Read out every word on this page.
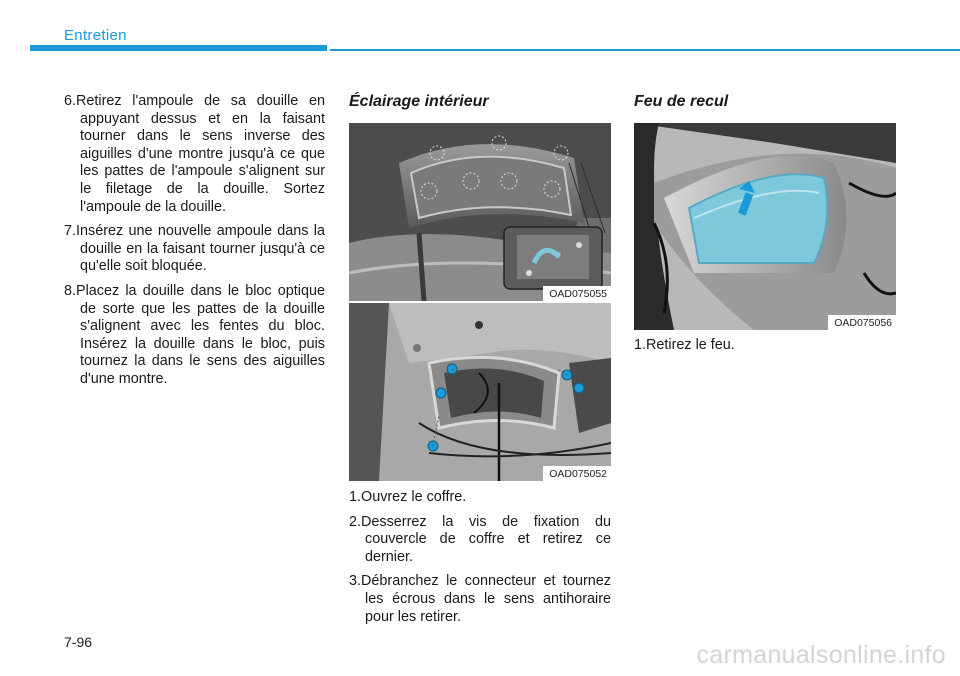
Entretien

6.Retirez l'ampoule de sa douille en appuyant dessus et en la faisant tourner dans le sens inverse des aiguilles d'une montre jusqu'à ce que les pattes de l'ampoule s'alignent sur le filetage de la douille. Sortez l'ampoule de la douille.

7.Insérez une nouvelle ampoule dans la douille en la faisant tourner jusqu'à ce qu'elle soit bloquée.

8.Placez la douille dans le bloc optique de sorte que les pattes de la douille s'alignent avec les fentes du bloc. Insérez la douille dans le bloc, puis tournez la dans le sens des aiguilles d'une montre.

Éclairage intérieur
OAD075055
OAD075052

1.Ouvrez le coffre.

2.Desserrez la vis de fixation du couvercle de coffre et retirez ce dernier.

3.Débranchez le connecteur et tournez les écrous dans le sens antihoraire pour les retirer.

Feu de recul
OAD075056

1.Retirez le feu.

7-96	carmanualsonline.info
